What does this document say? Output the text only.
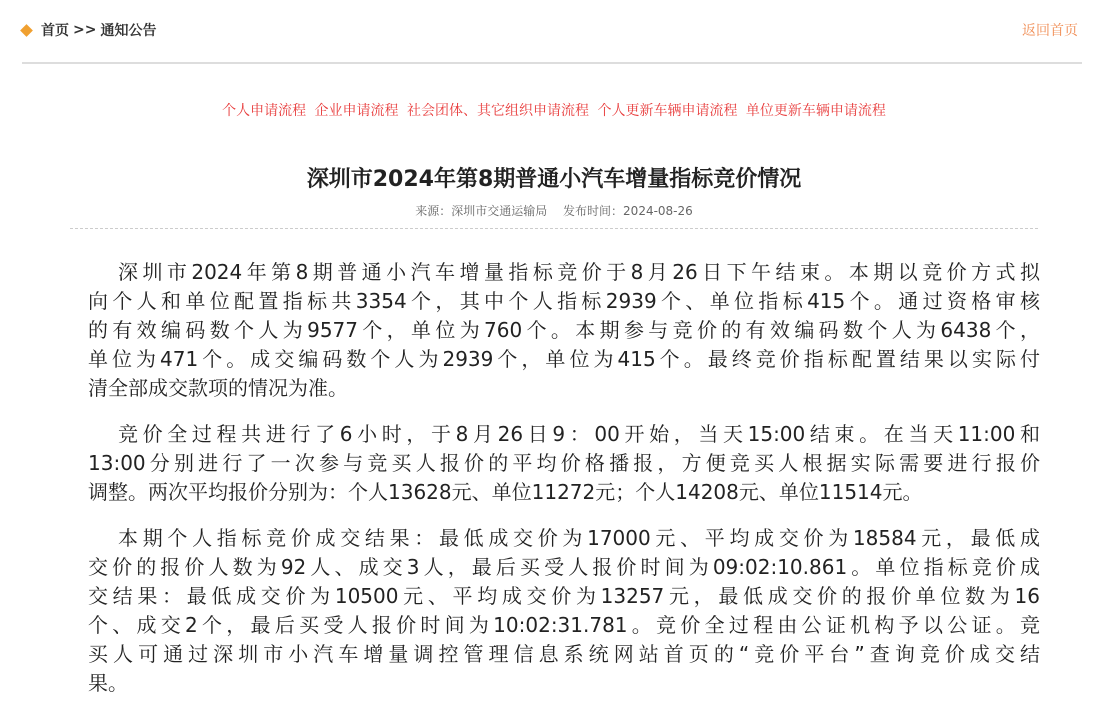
首页 >> 通知公告	返回首页
个人申请流程 企业申请流程 社会团体、其它组织申请流程 个人更新车辆申请流程 单位更新车辆申请流程
深圳市2024年第8期普通小汽车增量指标竞价情况
来源：深圳市交通运输局 发布时间：2024-08-26
深圳市2024年第8期普通小汽车增量指标竞价于8月26日下午结束。本期以竞价方式拟
向个人和单位配置指标共3354个，其中个人指标2939个、单位指标415个。通过资格审核
的有效编码数个人为9577个，单位为760个。本期参与竞价的有效编码数个人为6438个，
单位为471个。成交编码数个人为2939个，单位为415个。最终竞价指标配置结果以实际付
清全部成交款项的情况为准。
竞价全过程共进行了6小时，于8月26日9：00开始，当天15:00结束。在当天11:00和
13:00分别进行了一次参与竞买人报价的平均价格播报，方便竞买人根据实际需要进行报价
调整。两次平均报价分别为：个人13628元、单位11272元；个人14208元、单位11514元。
本期个人指标竞价成交结果：最低成交价为17000元、平均成交价为18584元，最低成
交价的报价人数为92人、成交3人，最后买受人报价时间为09:02:10.861。单位指标竞价成
交结果：最低成交价为10500元、平均成交价为13257元，最低成交价的报价单位数为16
个、成交2个，最后买受人报价时间为10:02:31.781。竞价全过程由公证机构予以公证。竞
买人可通过深圳市小汽车增量调控管理信息系统网站首页的“竞价平台”查询竞价成交结
果。
